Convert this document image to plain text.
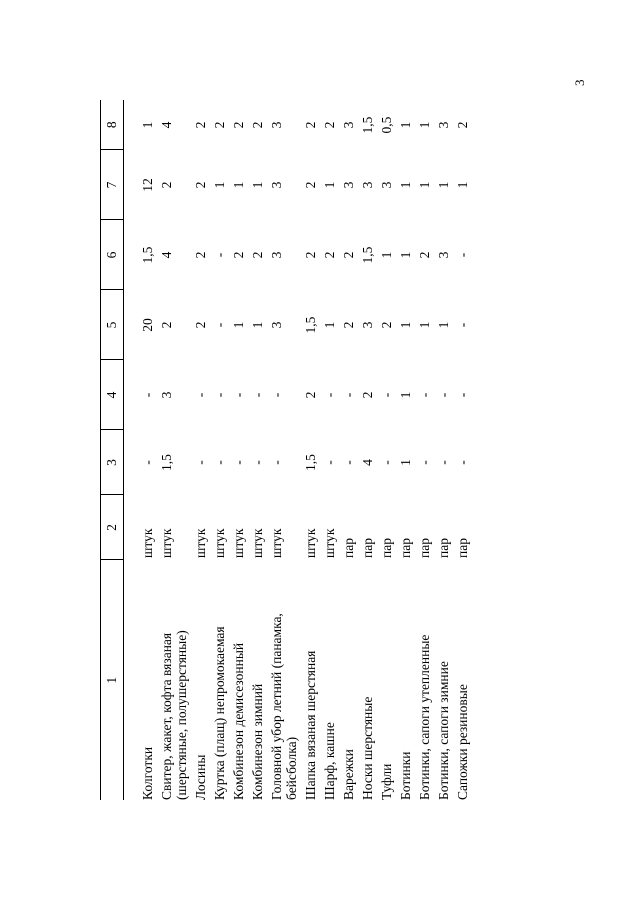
3
1	2	3	4	5	6	7	8
Колготки	штук	-	-	20	1,5	12	1
Свитер, жакет, кофта вязаная (шерстяные, полушерстяные)	штук	1,5	3	2	4	2	4
Лосины	штук	-	-	2	2	2	2
Куртка (плащ) непромокаемая	штук	-	-	-	-	1	2
Комбинезон демисезонный	штук	-	-	1	2	1	2
Комбинезон зимний	штук	-	-	1	2	1	2
Головной убор летний (панамка, бейсболка)	штук	-	-	3	3	3	3
Шапка вязаная шерстяная	штук	1,5	2	1,5	2	2	2
Шарф, кашне	штук	-	-	1	2	1	2
Варежки	пар	-	-	2	2	3	3
Носки шерстяные	пар	4	2	3	1,5	3	1,5
Туфли	пар	-	-	2	1	3	0,5
Ботинки	пар	1	1	1	1	1	1
Ботинки, сапоги утепленные	пар	-	-	1	2	1	1
Ботинки, сапоги зимние	пар	-	-	1	3	1	3
Сапожки резиновые	пар	-	-	-	-	1	2
